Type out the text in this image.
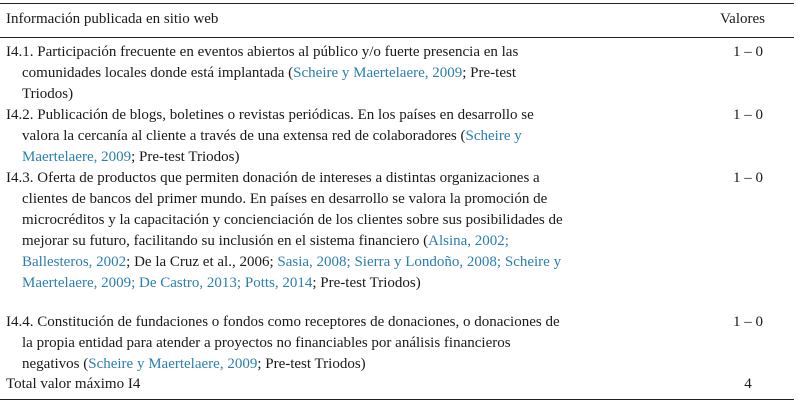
Información publicada en sitio web	Valores
I4.1. Participación frecuente en eventos abiertos al público y/o fuerte presencia en las comunidades locales donde está implantada (Scheire y Maertelaere, 2009; Pre-test Triodos)
1 – 0
I4.2. Publicación de blogs, boletines o revistas periódicas. En los países en desarrollo se valora la cercanía al cliente a través de una extensa red de colaboradores (Scheire y Maertelaere, 2009; Pre-test Triodos)
1 – 0
I4.3. Oferta de productos que permiten donación de intereses a distintas organizaciones a clientes de bancos del primer mundo. En países en desarrollo se valora la promoción de microcréditos y la capacitación y concienciación de los clientes sobre sus posibilidades de mejorar su futuro, facilitando su inclusión en el sistema financiero (Alsina, 2002; Ballesteros, 2002; De la Cruz et al., 2006; Sasia, 2008; Sierra y Londoño, 2008; Scheire y Maertelaere, 2009; De Castro, 2013; Potts, 2014; Pre-test Triodos)
1 – 0
I4.4. Constitución de fundaciones o fondos como receptores de donaciones, o donaciones de la propia entidad para atender a proyectos no financiables por análisis financieros negativos (Scheire y Maertelaere, 2009; Pre-test Triodos)
1 – 0
Total valor máximo I4	4
